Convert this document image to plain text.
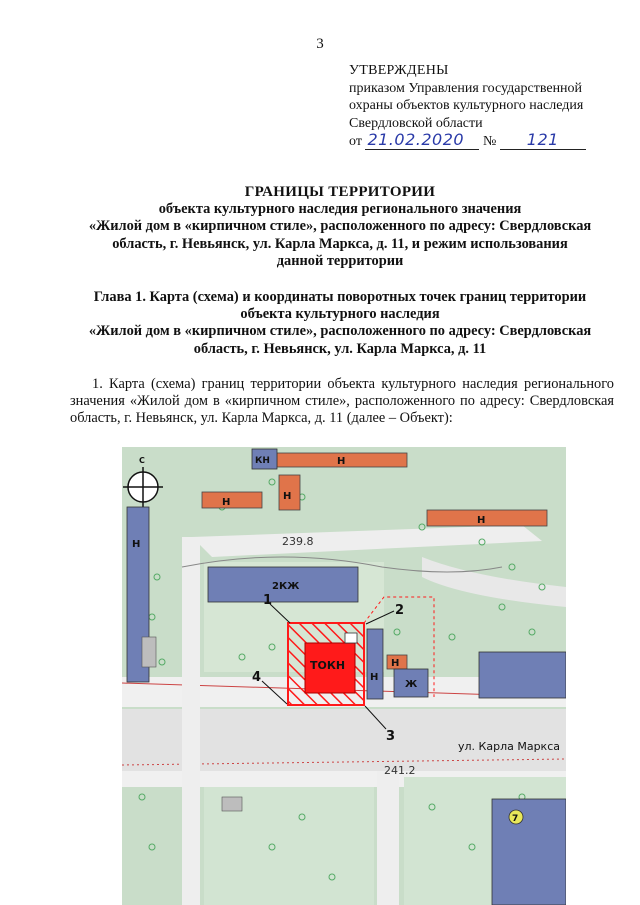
3
УТВЕРЖДЕНЫ
приказом Управления государственной
охраны объектов культурного наследия
Свердловской области
от 21.02.2020 № 121
ГРАНИЦЫ ТЕРРИТОРИИ
объекта культурного наследия регионального значения
«Жилой дом в «кирпичном стиле», расположенного по адресу: Свердловская
область, г. Невьянск, ул. Карла Маркса, д. 11, и режим использования
данной территории
Глава 1. Карта (схема) и координаты поворотных точек границ территории
объекта культурного наследия
«Жилой дом в «кирпичном стиле», расположенного по адресу: Свердловская
область, г. Невьянск, ул. Карла Маркса, д. 11
1. Карта (схема) границ территории объекта культурного наследия регионального значения «Жилой дом в «кирпичном стиле», расположенного по адресу: Свердловская область, г. Невьянск, ул. Карла Маркса, д. 11 (далее – Объект):
239.8
241.2
С	Н
Н
Н
Н
Н
Н
КН
2КЖ
Н
Ж
7
ТОКН
1
2
3
4
ул. Карла Маркса
